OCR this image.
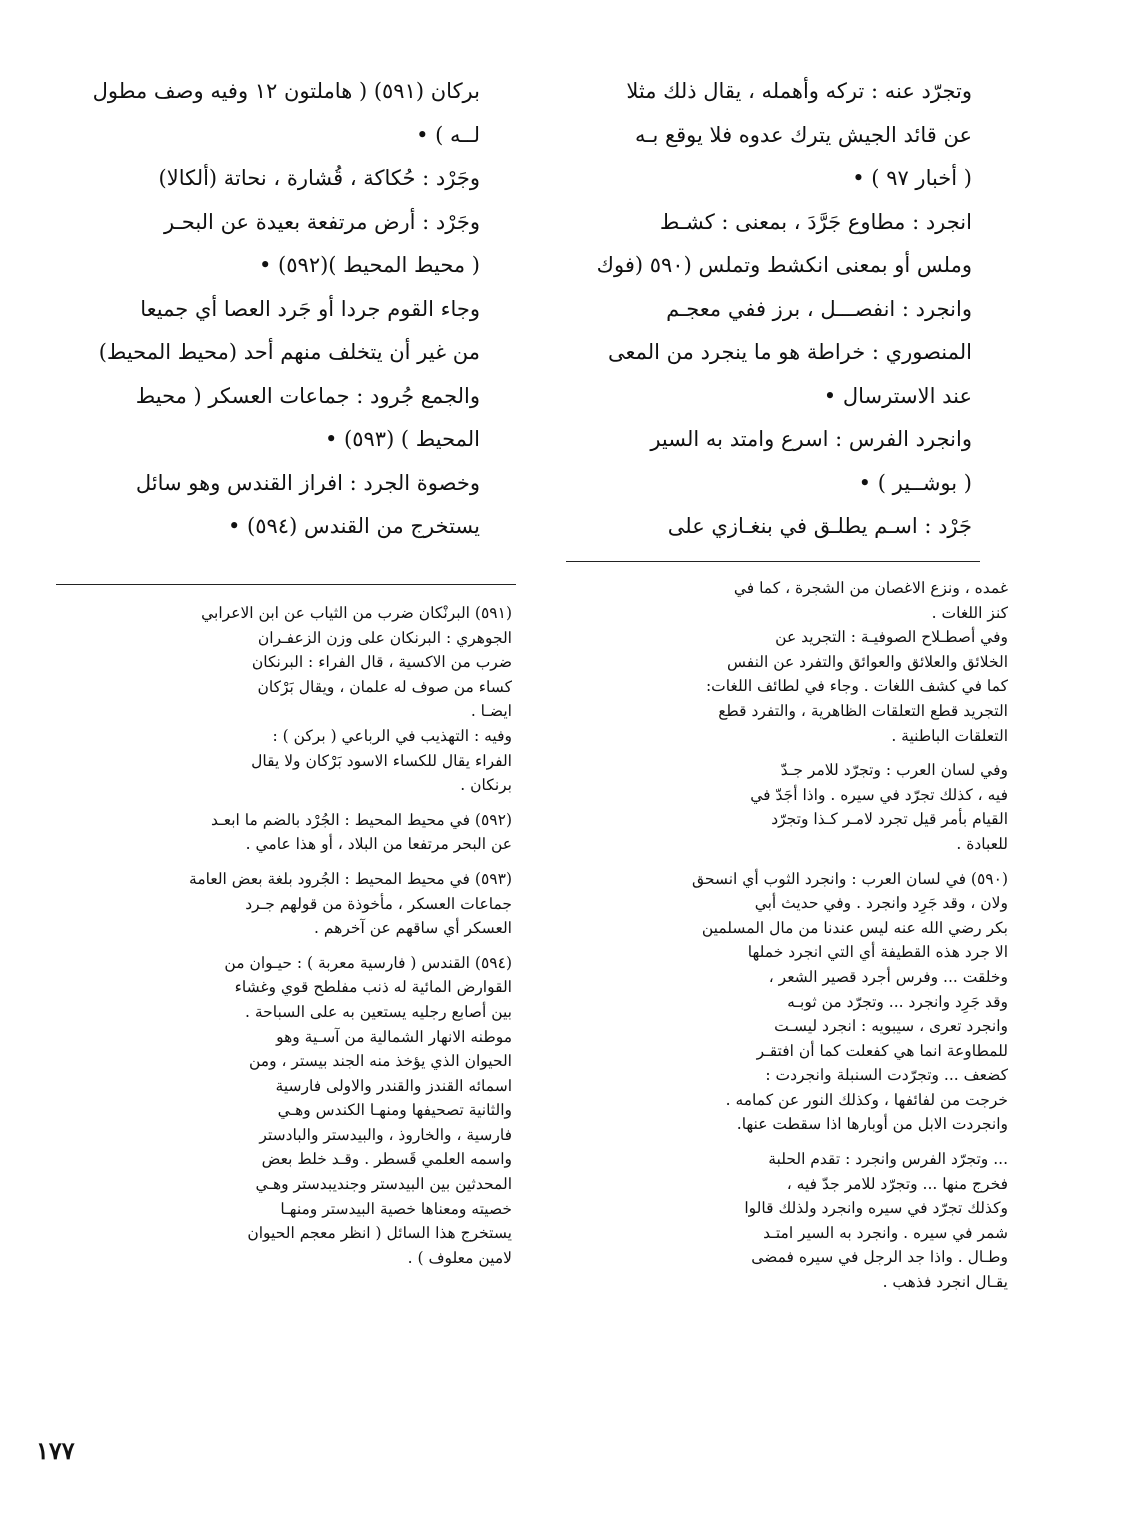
وتجرّد عنه : تركه وأهمله ، يقال ذلك مثلا
عن قائد الجيش يترك عدوه فلا يوقع بـه
( أخبار ٩٧ ) •
انجرد : مطاوع جَرَّدَ ، بمعنى : كشـط
وملس أو بمعنى انكشط وتملس (٥٩٠ (فوك
وانجرد : انفصـــل ، برز ففي معجـم
المنصوري : خراطة هو ما ينجرد من المعى
عند الاسترسال •
وانجرد الفرس : اسرع وامتد به السير
( بوشــير ) •
جَرْد : اسـم يطلـق في بنغـازي على
بركان (٥٩١) ( هاملتون ١٢ وفيه وصف مطول
لــه ) •
وجَرْد : حُكاكة ، قُشارة ، نحاتة (ألكالا)
وجَرْد : أرض مرتفعة بعيدة عن البحـر
( محيط المحيط )(٥٩٢) •
وجاء القوم جردا أو جَرد العصا أي جميعا
من غير أن يتخلف منهم أحد (محيط المحيط)
والجمع جُرود : جماعات العسكر ( محيط
المحيط ) (٥٩٣) •
وخصوة الجرد : افراز القندس وهو سائل
يستخرج من القندس (٥٩٤) •
غمده ، ونزع الاغصان من الشجرة ، كما في
كنز اللغات .
وفي أصطـلاح الصوفيـة : التجريد عن
الخلائق والعلائق والعوائق والتفرد عن النفس
كما في كشف اللغات . وجاء في لطائف اللغات:
التجريد قطع التعلقات الظاهرية ، والتفرد قطع
التعلقات الباطنية .
وفي لسان العرب : وتجرّد للامر جـدّ
فيه ، كذلك تجرّد في سيره . واذا أجَدّ في
القيام بأمر قيل تجرد لامـر كـذا وتجرّد
للعبادة .
(٥٩٠) في لسان العرب : وانجرد الثوب أي انسحق
ولان ، وقد جَرِد وانجرد . وفي حديث أبي
بكر رضي الله عنه ليس عندنا من مال المسلمين
الا جرد هذه القطيفة أي التي انجرد خملها
وخلقت ... وفرس أجرد قصير الشعر ،
وقد جَرِد وانجرد ... وتجرّد من ثوبـه
وانجرد تعرى ، سيبويه : انجرد ليسـت
للمطاوعة انما هي كفعلت كما أن افتقـر
كضعف ... وتجرّدت السنبلة وانجردت :
خرجت من لفائفها ، وكذلك النور عن كمامه .
وانجردت الابل من أوبارها اذا سقطت عنها.
... وتجرّد الفرس وانجرد : تقدم الحلبة
فخرج منها ... وتجرّد للامر جدّ فيه ،
وكذلك تجرّد في سيره وانجرد ولذلك قالوا
شمر في سيره . وانجرد به السير امتـد
وطـال . واذا جد الرجل في سيره فمضى
يقـال انجرد فذهب .
(٥٩١) البرنْكان ضرب من الثياب عن ابن الاعرابي
الجوهري : البرنكان على وزن الزعفـران
ضرب من الاكسية ، قال الفراء : البرنكان
كساء من صوف له علمان ، ويقال بَرْكان
ايضـا .
وفيه : التهذيب في الرباعي ( بركن ) :
الفراء يقال للكساء الاسود بَرْكان ولا يقال
برنكان .
(٥٩٢) في محيط المحيط : الجُرْد بالضم ما ابعـد
عن البحر مرتفعا من البلاد ، أو هذا عامي .
(٥٩٣) في محيط المحيط : الجُرود بلغة بعض العامة
جماعات العسكر ، مأخوذة من قولهم جـرد
العسكر أي ساقهم عن آخرهم .
(٥٩٤) القندس ( فارسية معربة ) : حيـوان من
القوارض المائية له ذنب مفلطح قوي وغشاء
بين أصابع رجليه يستعين به على السباحة .
موطنه الانهار الشمالية من آسـية وهو
الحيوان الذي يؤخذ منه الجند بيستر ، ومن
اسمائه القندز والقندر والاولى فارسية
والثانية تصحيفها ومنهـا الكندس وهـي
فارسية ، والخاروذ ، والبيدستر والبادستر
واسمه العلمي قَسطر . وقـد خلط بعض
المحدثين بين البيدستر وجنديبدستر وهـي
خصيته ومعناها خصية البيدستر ومنهـا
يستخرج هذا السائل ( انظر معجم الحيوان
لامين معلوف ) .
١٧٧
